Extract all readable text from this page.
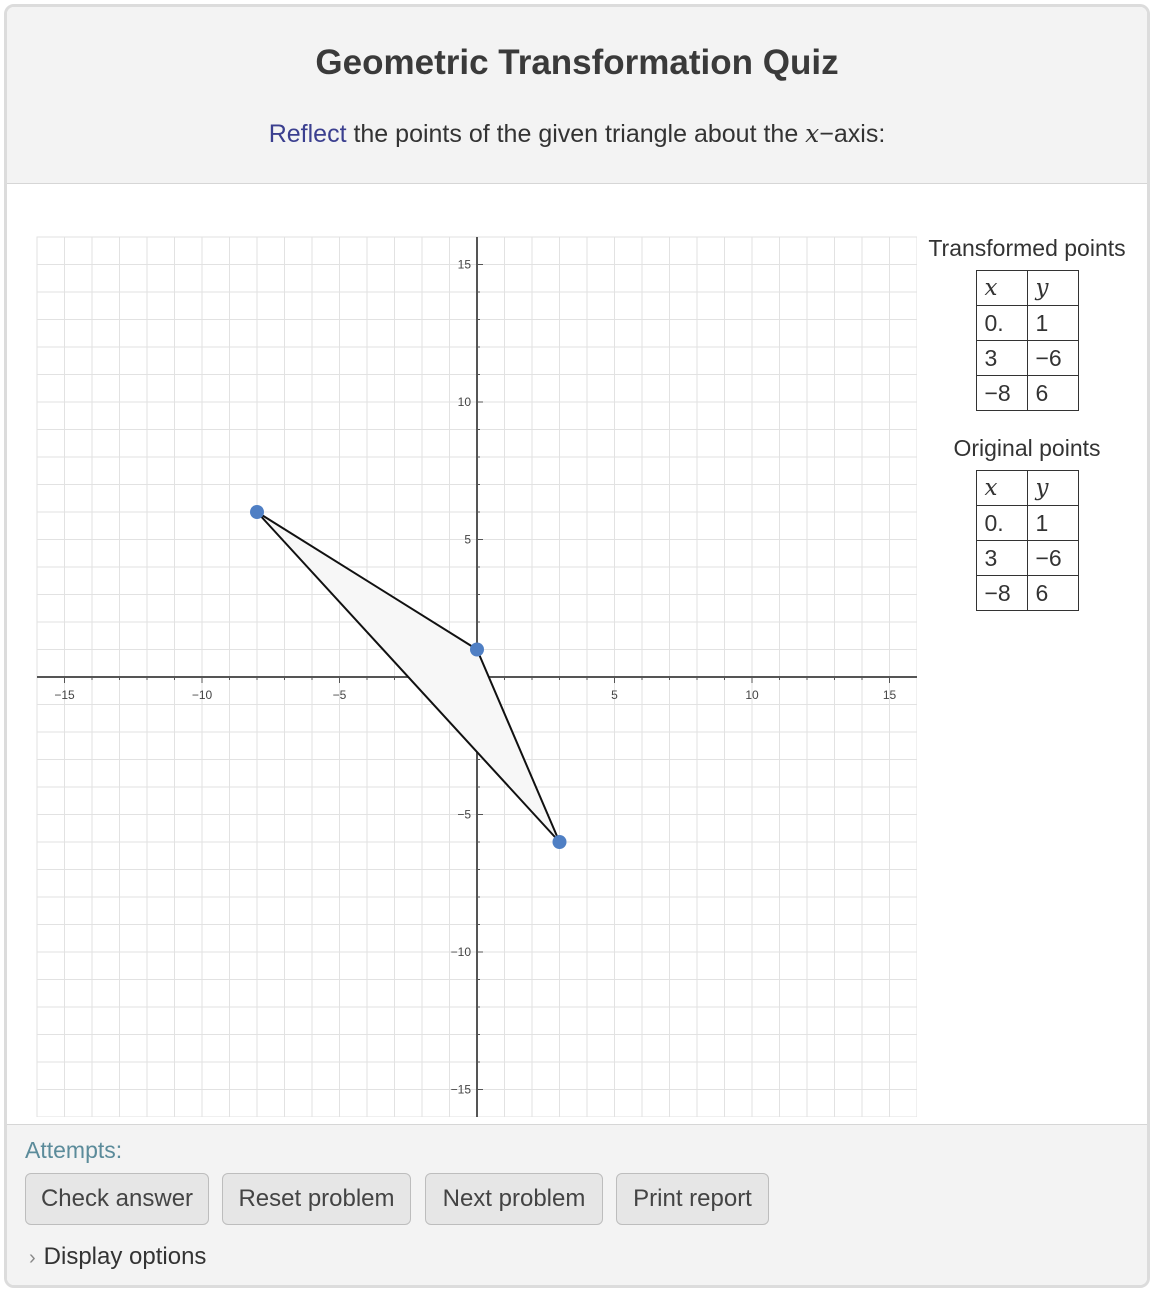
Geometric Transformation Quiz
Reflect the points of the given triangle about the x−axis:
−15	−10	−5	5	10	15
−15
−10
−5
5
10
15
Transformed points
x	y
0.	1
3	−6
−8	6
Original points
x	y
0.	1
3	−6
−8	6
Attempts:
Check answer	Reset problem	Next problem	Print report
› Display options
